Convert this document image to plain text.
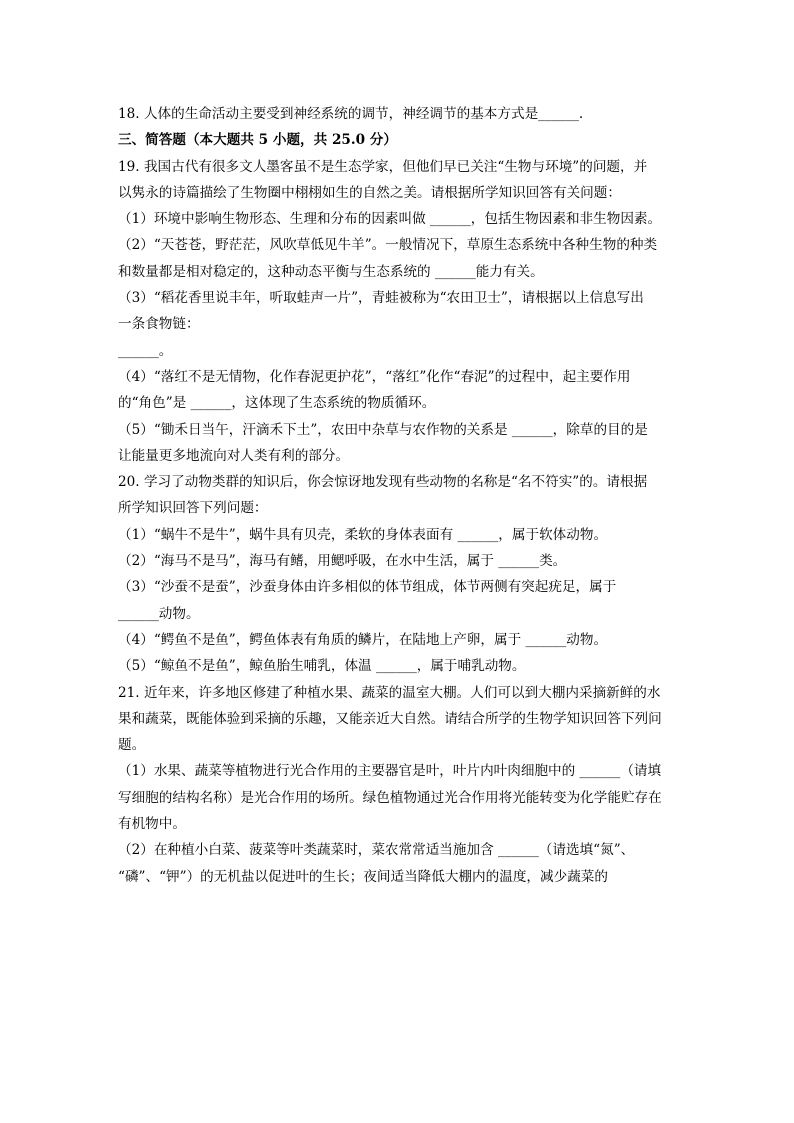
18. 人体的生命活动主要受到神经系统的调节，神经调节的基本方式是______.
三、简答题（本大题共 5 小题，共 25.0 分）
19. 我国古代有很多文人墨客虽不是生态学家，但他们早已关注“生物与环境”的问题，并
以隽永的诗篇描绘了生物圈中栩栩如生的自然之美。请根据所学知识回答有关问题：
（1）环境中影响生物形态、生理和分布的因素叫做 ______，包括生物因素和非生物因素。
（2）“天苍苍，野茫茫，风吹草低见牛羊”。一般情况下，草原生态系统中各种生物的种类
和数量都是相对稳定的，这种动态平衡与生态系统的 ______能力有关。
（3）“稻花香里说丰年，听取蛙声一片”，青蛙被称为“农田卫士”，请根据以上信息写出
一条食物链：
______。
（4）“落红不是无情物，化作春泥更护花”，“落红”化作“春泥”的过程中，起主要作用
的“角色”是 ______，这体现了生态系统的物质循环。
（5）“锄禾日当午，汗滴禾下土”，农田中杂草与农作物的关系是 ______，除草的目的是
让能量更多地流向对人类有利的部分。
20. 学习了动物类群的知识后，你会惊讶地发现有些动物的名称是“名不符实”的。请根据
所学知识回答下列问题：
（1）“蜗牛不是牛”，蜗牛具有贝壳，柔软的身体表面有 ______，属于软体动物。
（2）“海马不是马”，海马有鳍，用鳃呼吸，在水中生活，属于 ______类。
（3）“沙蚕不是蚕”，沙蚕身体由许多相似的体节组成，体节两侧有突起疣足，属于
______动物。
（4）“鳄鱼不是鱼”，鳄鱼体表有角质的鳞片，在陆地上产卵，属于 ______动物。
（5）“鲸鱼不是鱼”，鲸鱼胎生哺乳，体温 ______，属于哺乳动物。
21. 近年来，许多地区修建了种植水果、蔬菜的温室大棚。人们可以到大棚内采摘新鲜的水
果和蔬菜，既能体验到采摘的乐趣，又能亲近大自然。请结合所学的生物学知识回答下列问
题。
（1）水果、蔬菜等植物进行光合作用的主要器官是叶，叶片内叶肉细胞中的 ______（请填
写细胞的结构名称）是光合作用的场所。绿色植物通过光合作用将光能转变为化学能贮存在
有机物中。
（2）在种植小白菜、菠菜等叶类蔬菜时，菜农常常适当施加含 ______（请选填“氮”、
“磷”、“钾”）的无机盐以促进叶的生长；夜间适当降低大棚内的温度，减少蔬菜的
